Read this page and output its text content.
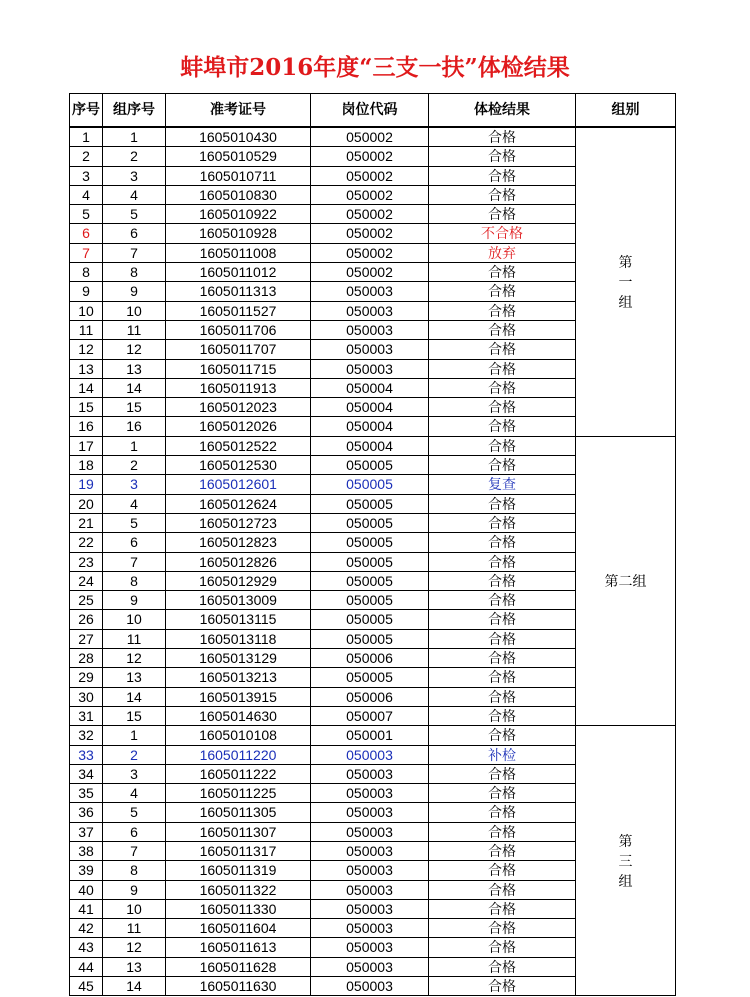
蚌埠市2016年度“三支一扶”体检结果
序号	组序号	准考证号	岗位代码	体检结果	组别
1	1	1605010430	050002	合格	第一组

2	2	1605010529	050002	合格	
3	3	1605010711	050002	合格	
4	4	1605010830	050002	合格	
5	5	1605010922	050002	合格	
6	6	1605010928	050002	不合格	
7	7	1605011008	050002	放弃	
8	8	1605011012	050002	合格	
9	9	1605011313	050003	合格	
10	10	1605011527	050003	合格	
11	11	1605011706	050003	合格	
12	12	1605011707	050003	合格	
13	13	1605011715	050003	合格	
14	14	1605011913	050004	合格	
15	15	1605012023	050004	合格	
16	16	1605012026	050004	合格	
17	1	1605012522	050004	合格	第二组
18	2	1605012530	050005	合格	
19	3	1605012601	050005	复查	
20	4	1605012624	050005	合格	
21	5	1605012723	050005	合格	
22	6	1605012823	050005	合格	
23	7	1605012826	050005	合格	
24	8	1605012929	050005	合格	
25	9	1605013009	050005	合格	
26	10	1605013115	050005	合格	
27	11	1605013118	050005	合格	
28	12	1605013129	050006	合格	
29	13	1605013213	050005	合格	
30	14	1605013915	050006	合格	
31	15	1605014630	050007	合格	
32	1	1605010108	050001	合格	第三组

33	2	1605011220	050003	补检	
34	3	1605011222	050003	合格	
35	4	1605011225	050003	合格	
36	5	1605011305	050003	合格	
37	6	1605011307	050003	合格	
38	7	1605011317	050003	合格	
39	8	1605011319	050003	合格	
40	9	1605011322	050003	合格	
41	10	1605011330	050003	合格	
42	11	1605011604	050003	合格	
43	12	1605011613	050003	合格	
44	13	1605011628	050003	合格	
45	14	1605011630	050003	合格	
